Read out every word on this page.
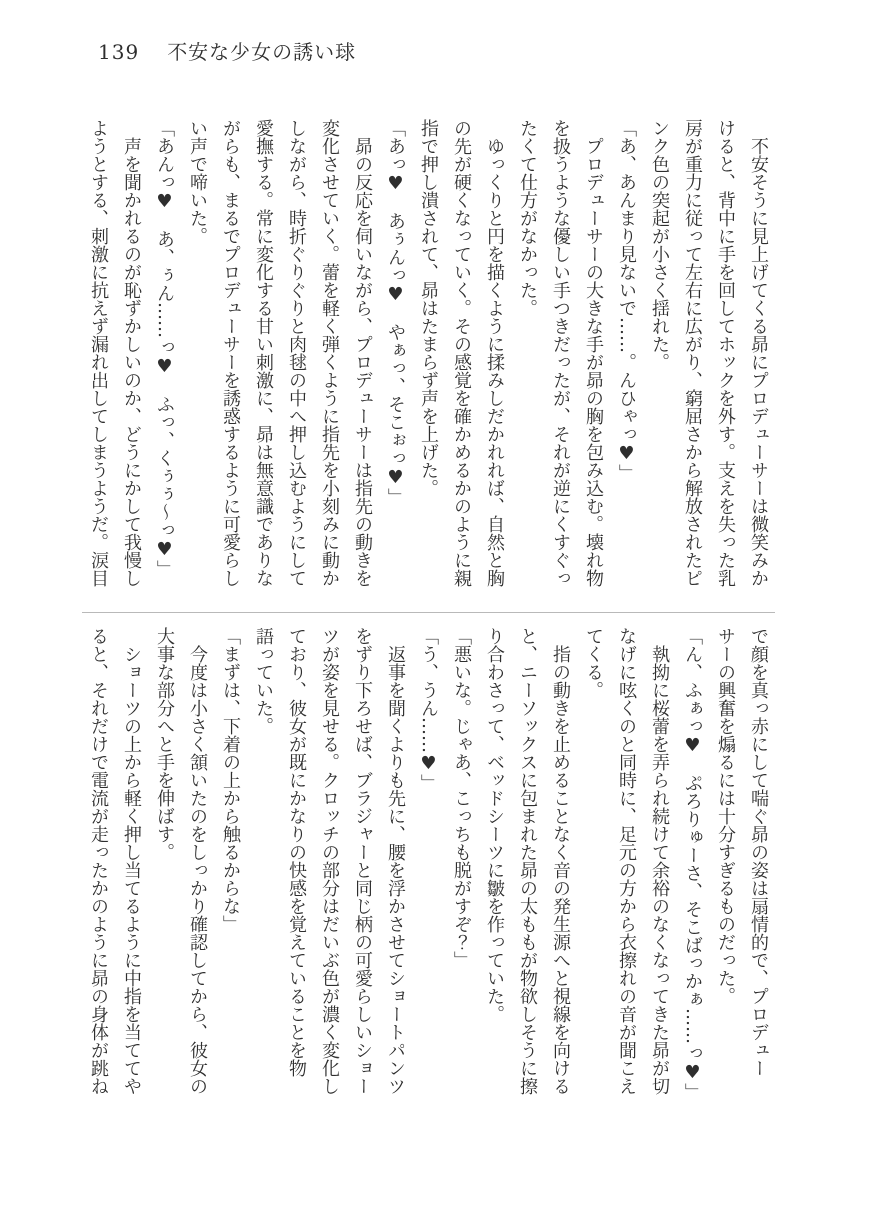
139 不安な少女の誘い球
　不安そうに見上げてくる昴にプロデューサーは微笑みか
けると、背中に手を回してホックを外す。支えを失った乳
房が重力に従って左右に広がり、窮屈さから解放されたピ
ンク色の突起が小さく揺れた。
「あ、あんまり見ないで……。んひゃっ♥」
　プロデューサーの大きな手が昴の胸を包み込む。壊れ物
を扱うような優しい手つきだったが、それが逆にくすぐっ
たくて仕方がなかった。
　ゆっくりと円を描くように揉みしだかれれば、自然と胸
の先が硬くなっていく。その感覚を確かめるかのように親
指で押し潰されて、昴はたまらず声を上げた。
「あっ♥　あぅんっ♥　やぁっ、そこぉっ♥」
　昴の反応を伺いながら、プロデューサーは指先の動きを
変化させていく。蕾を軽く弾くように指先を小刻みに動か
しながら、時折ぐりぐりと肉毬の中へ押し込むようにして
愛撫する。常に変化する甘い刺激に、昴は無意識でありな
がらも、まるでプロデューサーを誘惑するように可愛らし
い声で啼いた。
「あんっ♥　あ、ぅん……っ♥　ふっ、くぅぅ～っ♥」
　声を聞かれるのが恥ずかしいのか、どうにかして我慢し
ようとする、刺激に抗えず漏れ出してしまうようだ。涙目
で顔を真っ赤にして喘ぐ昴の姿は扇情的で、プロデュー
サーの興奮を煽るには十分すぎるものだった。
「ん、ふぁっ♥　ぷろりゅーさ、そこばっかぁ……っ♥」
　執拗に桜蕾を弄られ続けて余裕のなくなってきた昴が切
なげに呟くのと同時に、足元の方から衣擦れの音が聞こえ
てくる。
　指の動きを止めることなく音の発生源へと視線を向ける
と、ニーソックスに包まれた昴の太ももが物欲しそうに擦
り合わさって、ベッドシーツに皺を作っていた。
「悪いな。じゃあ、こっちも脱がすぞ？」
「う、うん……♥」
　返事を聞くよりも先に、腰を浮かさせてショートパンツ
をずり下ろせば、ブラジャーと同じ柄の可愛らしいショー
ツが姿を見せる。クロッチの部分はだいぶ色が濃く変化し
ており、彼女が既にかなりの快感を覚えていることを物
語っていた。
「まずは、下着の上から触るからな」
　今度は小さく頷いたのをしっかり確認してから、彼女の
大事な部分へと手を伸ばす。
　ショーツの上から軽く押し当てるように中指を当ててや
ると、それだけで電流が走ったかのように昴の身体が跳ね
